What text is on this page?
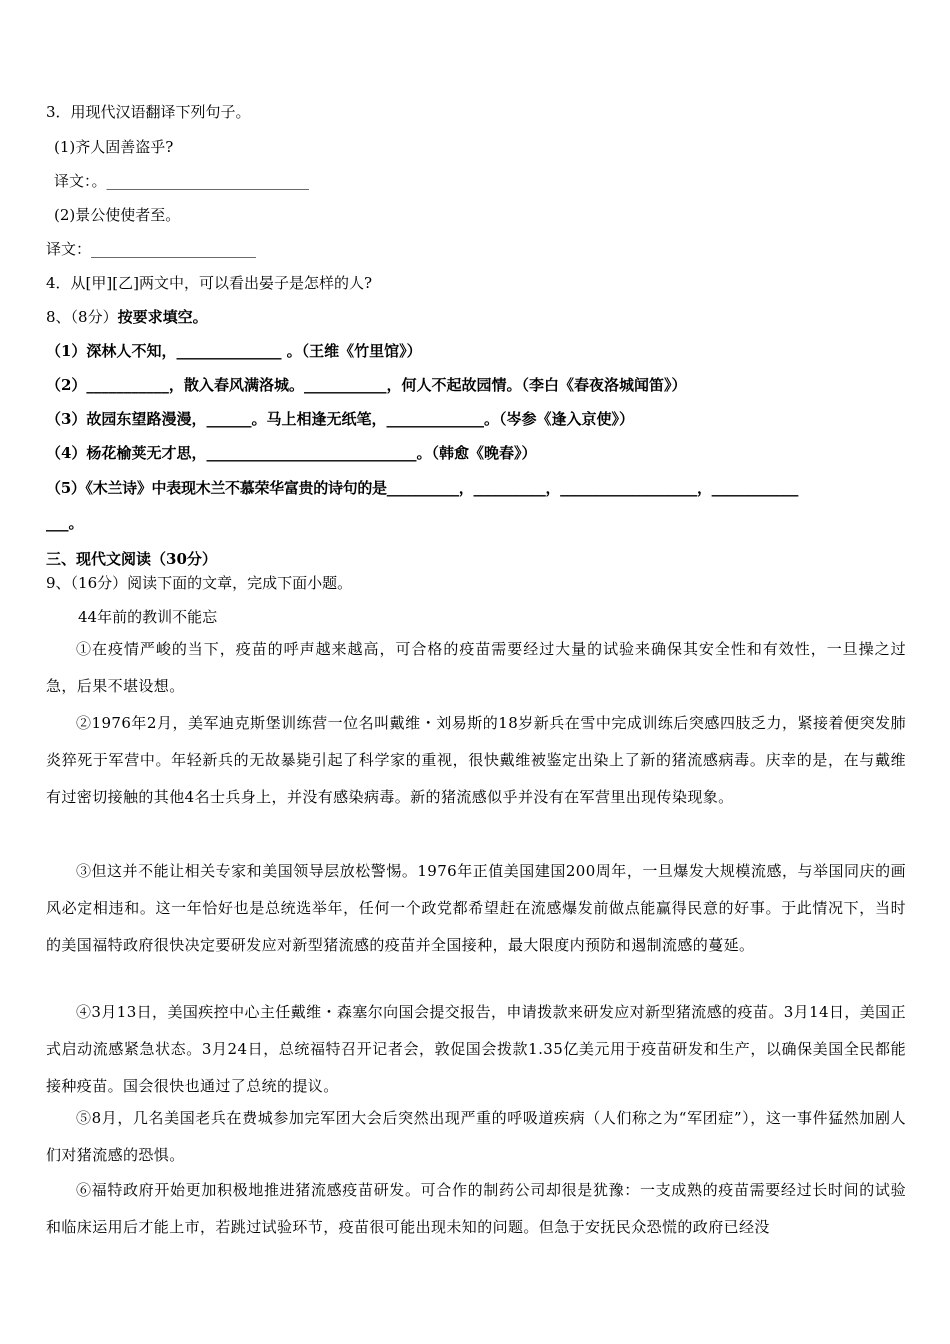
3．用现代汉语翻译下列句子。
(1)齐人固善盗乎?
译文：。___________________________
(2)景公使使者至。
译文：______________________
4．从[甲][乙]两文中，可以看出晏子是怎样的人?
8、（8分）按要求填空。
（1）深林人不知，______________ 。（王维《竹里馆》）
（2）___________，散入春风满洛城。___________，何人不起故园情。（李白《春夜洛城闻笛》）
（3）故园东望路漫漫，______。马上相逢无纸笔，_____________。（岑参《逢入京使》）
（4）杨花榆荚无才思，____________________________。（韩愈《晚春》）
（5）《木兰诗》中表现木兰不慕荣华富贵的诗句的是__________，__________，___________________，____________
___。
三、现代文阅读（30分）
9、（16分）阅读下面的文章，完成下面小题。
44年前的教训不能忘
①在疫情严峻的当下，疫苗的呼声越来越高，可合格的疫苗需要经过大量的试验来确保其安全性和有效性，一旦操之过急，后果不堪设想。
②1976年2月，美军迪克斯堡训练营一位名叫戴维・刘易斯的18岁新兵在雪中完成训练后突感四肢乏力，紧接着便突发肺炎猝死于军营中。年轻新兵的无故暴毙引起了科学家的重视，很快戴维被鉴定出染上了新的猪流感病毒。庆幸的是，在与戴维有过密切接触的其他4名士兵身上，并没有感染病毒。新的猪流感似乎并没有在军营里出现传染现象。
③但这并不能让相关专家和美国领导层放松警惕。1976年正值美国建国200周年，一旦爆发大规模流感，与举国同庆的画风必定相违和。这一年恰好也是总统选举年，任何一个政党都希望赶在流感爆发前做点能赢得民意的好事。于此情况下，当时的美国福特政府很快决定要研发应对新型猪流感的疫苗并全国接种，最大限度内预防和遏制流感的蔓延。
④3月13日，美国疾控中心主任戴维・森塞尔向国会提交报告，申请拨款来研发应对新型猪流感的疫苗。3月14日，美国正式启动流感紧急状态。3月24日，总统福特召开记者会，敦促国会拨款1.35亿美元用于疫苗研发和生产，以确保美国全民都能接种疫苗。国会很快也通过了总统的提议。
⑤8月，几名美国老兵在费城参加完军团大会后突然出现严重的呼吸道疾病（人们称之为“军团症”），这一事件猛然加剧人们对猪流感的恐惧。
⑥福特政府开始更加积极地推进猪流感疫苗研发。可合作的制药公司却很是犹豫：一支成熟的疫苗需要经过长时间的试验和临床运用后才能上市，若跳过试验环节，疫苗很可能出现未知的问题。但急于安抚民众恐慌的政府已经没
